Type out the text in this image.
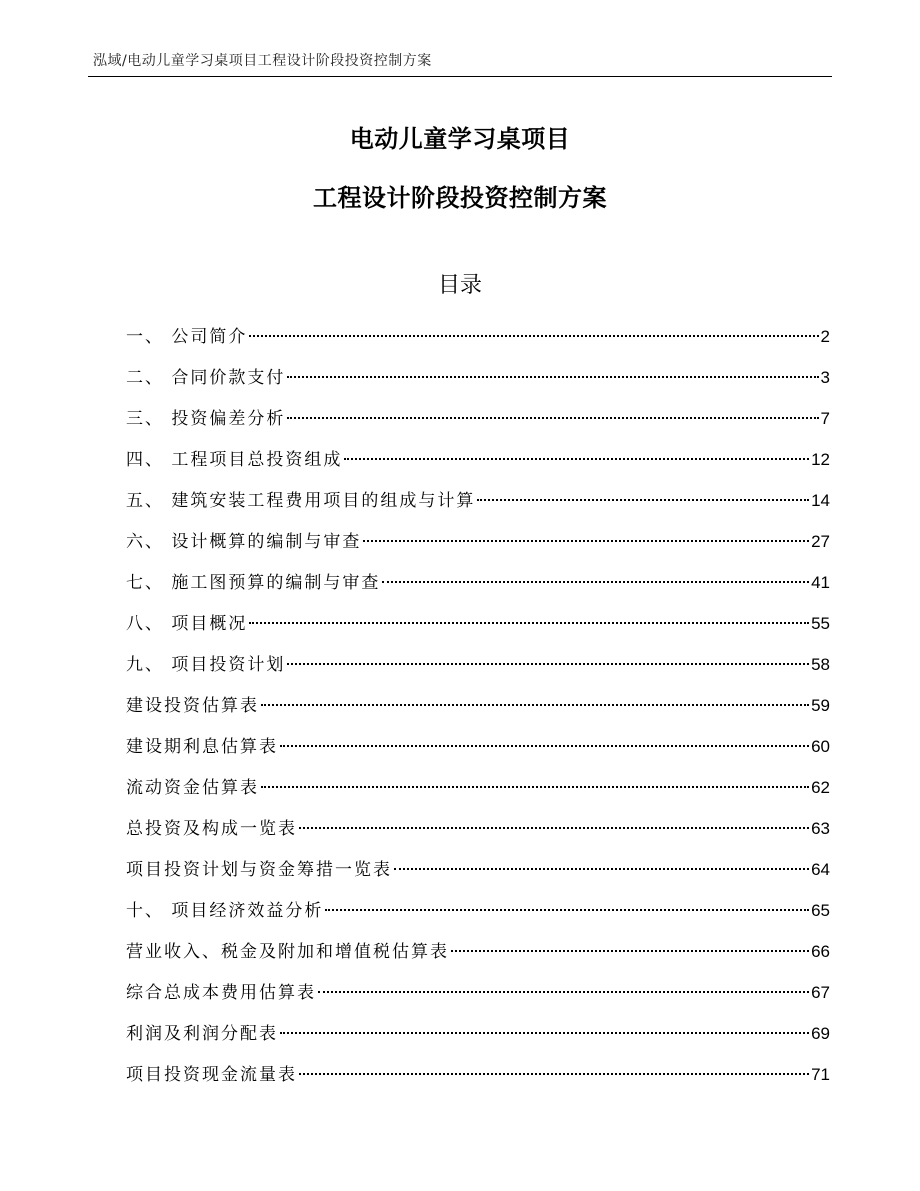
泓域/电动儿童学习桌项目工程设计阶段投资控制方案
电动儿童学习桌项目
工程设计阶段投资控制方案
目录
一、 公司简介	2
二、 合同价款支付	3
三、 投资偏差分析	7
四、 工程项目总投资组成	12
五、 建筑安装工程费用项目的组成与计算	14
六、 设计概算的编制与审查	27
七、 施工图预算的编制与审查	41
八、 项目概况	55
九、 项目投资计划	58
建设投资估算表	59
建设期利息估算表	60
流动资金估算表	62
总投资及构成一览表	63
项目投资计划与资金筹措一览表	64
十、 项目经济效益分析	65
营业收入、税金及附加和增值税估算表	66
综合总成本费用估算表	67
利润及利润分配表	69
项目投资现金流量表	71
